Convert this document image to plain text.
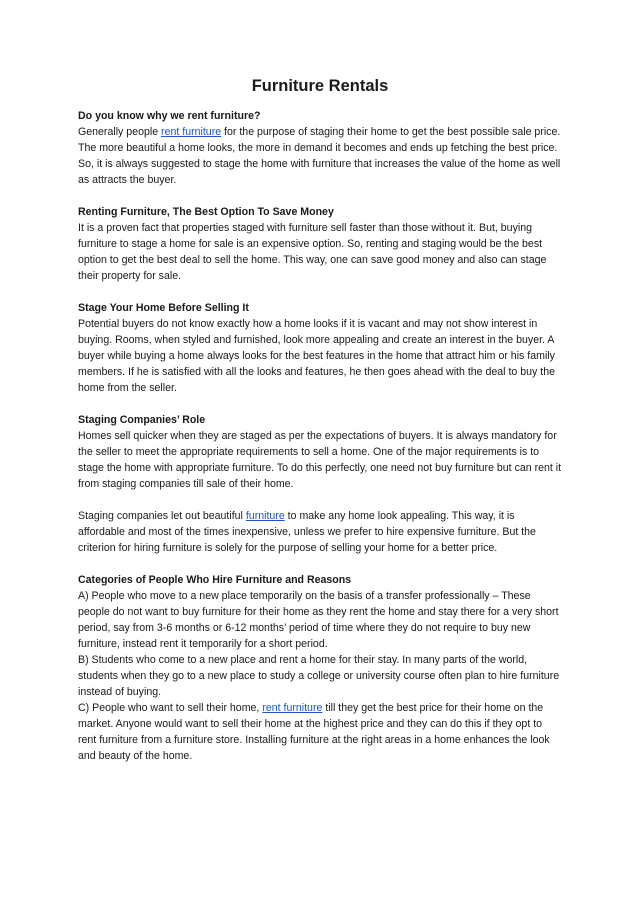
Furniture Rentals

Do you know why we rent furniture?

Generally people rent furniture for the purpose of staging their home to get the best possible sale price. The more beautiful a home looks, the more in demand it becomes and ends up fetching the best price. So, it is always suggested to stage the home with furniture that increases the value of the home as well as attracts the buyer.

Renting Furniture, The Best Option To Save Money

It is a proven fact that properties staged with furniture sell faster than those without it. But, buying furniture to stage a home for sale is an expensive option. So, renting and staging would be the best option to get the best deal to sell the home. This way, one can save good money and also can stage their property for sale.

Stage Your Home Before Selling It

Potential buyers do not know exactly how a home looks if it is vacant and may not show interest in buying. Rooms, when styled and furnished, look more appealing and create an interest in the buyer. A buyer while buying a home always looks for the best features in the home that attract him or his family members. If he is satisfied with all the looks and features, he then goes ahead with the deal to buy the home from the seller.

Staging Companies’ Role

Homes sell quicker when they are staged as per the expectations of buyers. It is always mandatory for the seller to meet the appropriate requirements to sell a home. One of the major requirements is to stage the home with appropriate furniture. To do this perfectly, one need not buy furniture but can rent it from staging companies till sale of their home.

Staging companies let out beautiful furniture to make any home look appealing. This way, it is affordable and most of the times inexpensive, unless we prefer to hire expensive furniture. But the criterion for hiring furniture is solely for the purpose of selling your home for a better price.

Categories of People Who Hire Furniture and Reasons

A) People who move to a new place temporarily on the basis of a transfer professionally – These people do not want to buy furniture for their home as they rent the home and stay there for a very short period, say from 3-6 months or 6-12 months’ period of time where they do not require to buy new furniture, instead rent it temporarily for a short period.

B) Students who come to a new place and rent a home for their stay. In many parts of the world, students when they go to a new place to study a college or university course often plan to hire furniture instead of buying.

C) People who want to sell their home, rent furniture till they get the best price for their home on the market. Anyone would want to sell their home at the highest price and they can do this if they opt to rent furniture from a furniture store. Installing furniture at the right areas in a home enhances the look and beauty of the home.
